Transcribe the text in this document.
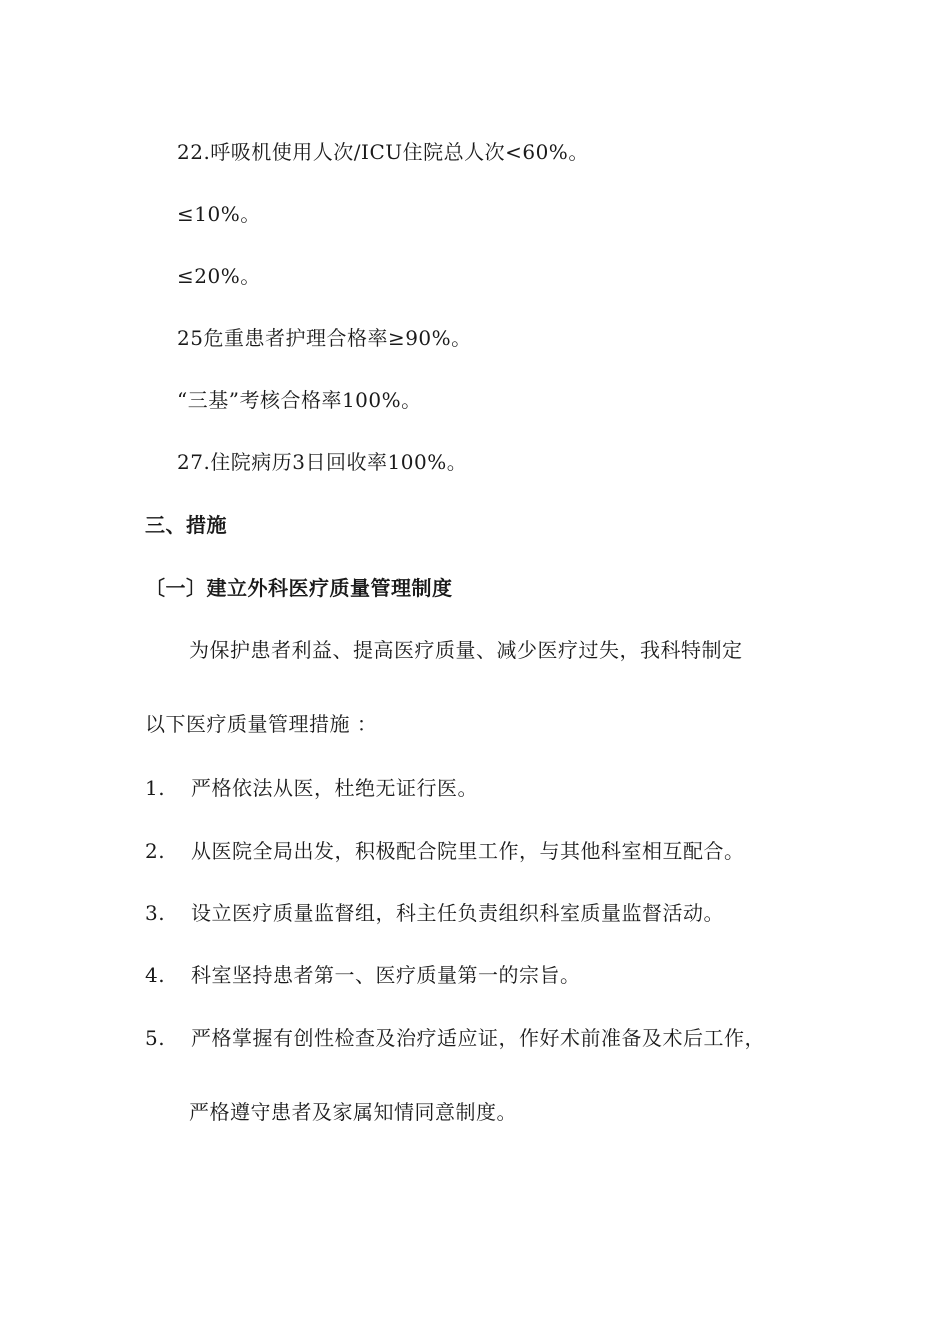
22.呼吸机使用人次/ICU住院总人次<60%。
≤10%。
≤20%。
25危重患者护理合格率≥90%。
“三基”考核合格率100%。
27.住院病历3日回收率100%。
三、措施
〔一〕建立外科医疗质量管理制度
为保护患者利益、提高医疗质量、减少医疗过失，我科特制定
以下医疗质量管理措施 ：
1. 严格依法从医，杜绝无证行医。
2. 从医院全局出发，积极配合院里工作，与其他科室相互配合。
3. 设立医疗质量监督组，科主任负责组织科室质量监督活动。
4. 科室坚持患者第一、医疗质量第一的宗旨。
5. 严格掌握有创性检查及治疗适应证，作好术前准备及术后工作，
严格遵守患者及家属知情同意制度。
